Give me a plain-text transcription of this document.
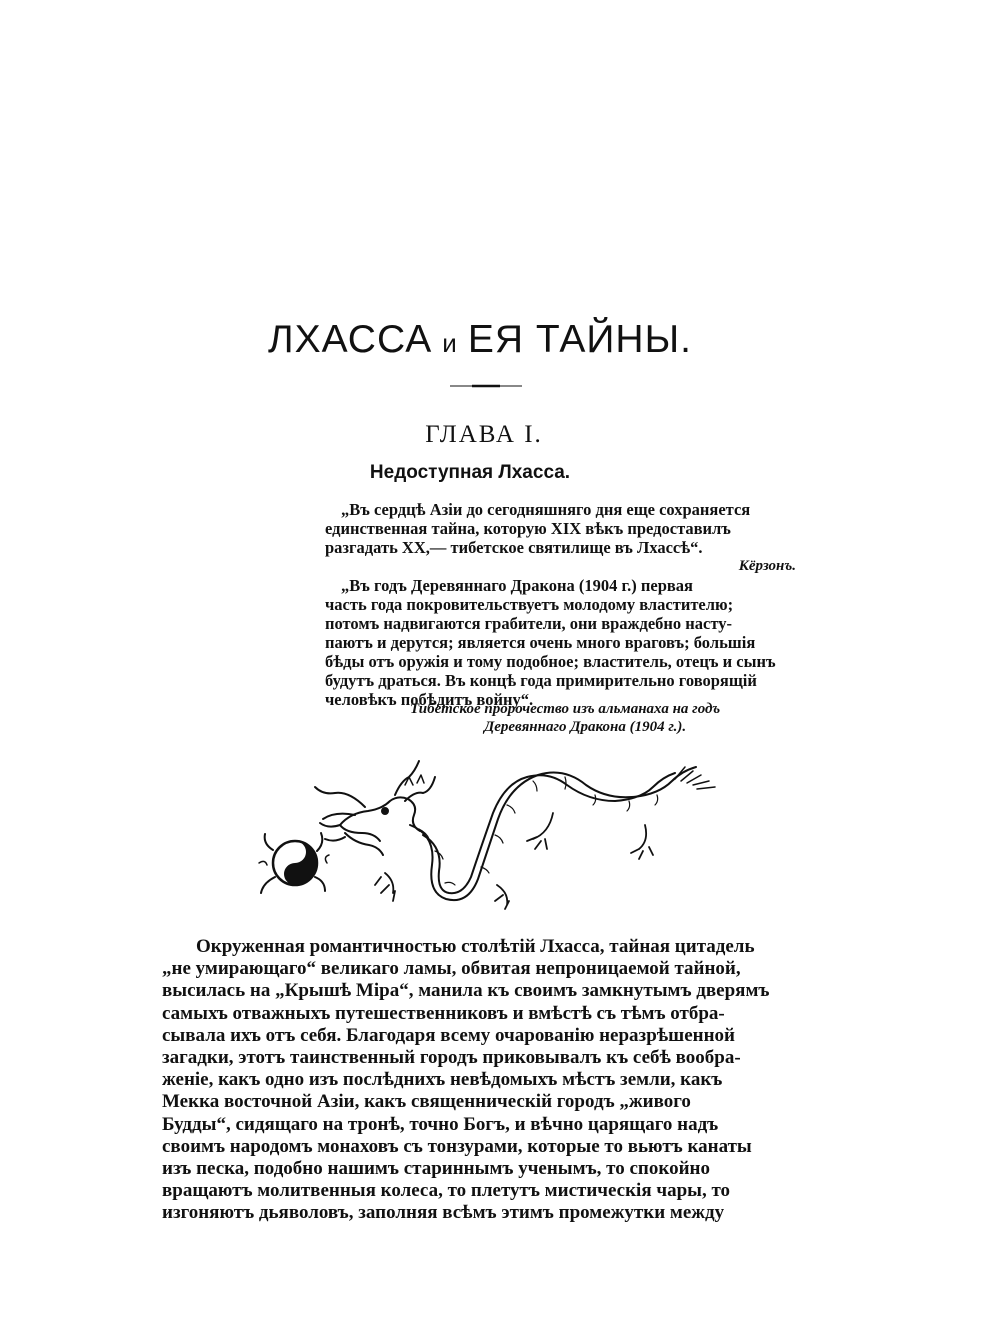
ЛХАССА и ЕЯ ТАЙНЫ.
ГЛАВА I.
Недоступная Лхасса.
„Въ сердцѣ Азіи до сегодняшняго дня еще сохраняется
единственная тайна, которую XIX вѣкъ предоставилъ
разгадать XX,— тибетское святилище въ Лхассѣ“.

Кёрзонъ.

„Въ годъ Деревяннаго Дракона (1904 г.) первая
часть года покровительствуетъ молодому властителю;
потомъ надвигаются грабители, они враждебно насту-
паютъ и дерутся; является очень много враговъ; большія
бѣды отъ оружія и тому подобное; властитель, отецъ и сынъ
будутъ драться. Въ концѣ года примирительно говорящій
человѣкъ побѣдитъ войну“.

Тибетское пророчество изъ альманаха на годъ
Деревяннаго Дракона (1904 г.).

Окруженная романтичностью столѣтій Лхасса, тайная цитадель
„не умирающаго“ великаго ламы, обвитая непроницаемой тайной,
высилась на „Крышѣ Міра“, манила къ своимъ замкнутымъ дверямъ
самыхъ отважныхъ путешественниковъ и вмѣстѣ съ тѣмъ отбра-
сывала ихъ отъ себя. Благодаря всему очарованію неразрѣшенной
загадки, этотъ таинственный городъ приковывалъ къ себѣ вообра-
женіе, какъ одно изъ послѣднихъ невѣдомыхъ мѣстъ земли, какъ
Мекка восточной Азіи, какъ священническій городъ „живого
Будды“, сидящаго на тронѣ, точно Богъ, и вѣчно царящаго надъ
своимъ народомъ монаховъ съ тонзурами, которые то вьютъ канаты
изъ песка, подобно нашимъ стариннымъ ученымъ, то спокойно
вращаютъ молитвенныя колеса, то плетутъ мистическія чары, то
изгоняютъ дьяволовъ, заполняя всѣмъ этимъ промежутки между
